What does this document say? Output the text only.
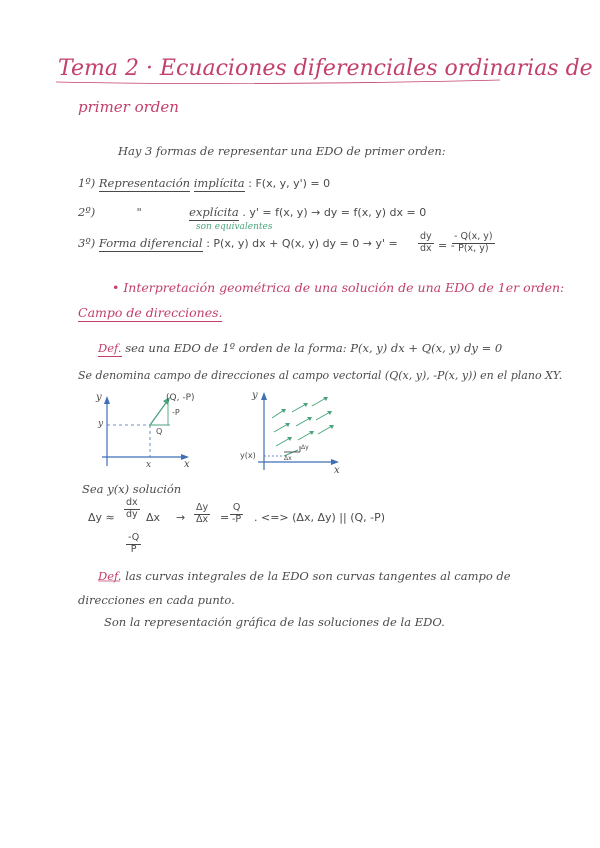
Tema 2 · Ecuaciones diferenciales ordinarias de
primer orden
Hay 3 formas de representar una EDO de primer orden:
1º) Representación implícita : F(x, y, y') = 0
2º)	"	explícita . y' = f(x, y) → dy = f(x, y) dx = 0
son equivalentes
3º) Forma diferencial : P(x, y) dx + Q(x, y) dy = $0 \to y' = \frac{dy}{dx}$ = -
$\frac{- Q(x, y)}{P(x, y)}$
• Interpretación geométrica de una solución de una EDO de 1er orden:
Campo de direcciones.
Def. sea una EDO de 1º orden de la forma: P(x, y) dx + Q(x, y) dy = 0
Se denomina campo de direcciones al campo vectorial (Q(x, y), -P(x, y)) en el plano XY.
y
x
(Q, -P)
-P
Q
y
x
y
x
y(x)	Δx
Δy
Sea y(x) solución
$\Delta y \approx \frac{dx}{dy}$ $\Delta x \to \frac{\Delta y}{\Delta x} = \frac{Q}{-P}$ . <=> (Δx, Δy) || (Q, -P)
$\frac{-Q}{P}$
Def. las curvas integrales de la EDO son curvas tangentes al campo de
direcciones en cada punto.
Son la representación gráfica de las soluciones de la EDO.
